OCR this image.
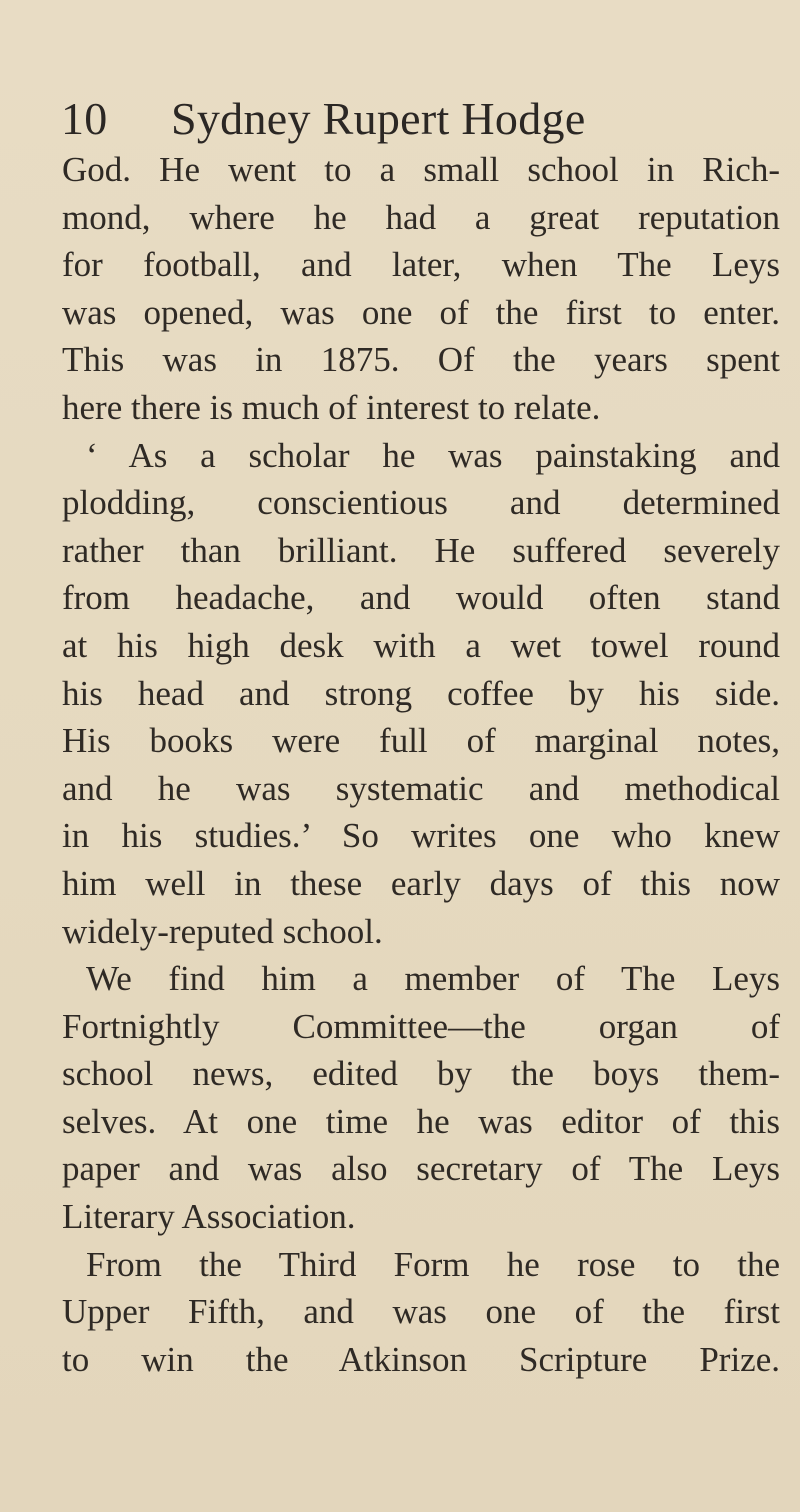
10 Sydney Rupert Hodge
God. He went to a small school in Rich-
mond, where he had a great reputation
for football, and later, when The Leys
was opened, was one of the first to enter.
This was in 1875. Of the years spent
here there is much of interest to relate.
‘ As a scholar he was painstaking and
plodding, conscientious and determined
rather than brilliant. He suffered severely
from headache, and would often stand
at his high desk with a wet towel round
his head and strong coffee by his side.
His books were full of marginal notes,
and he was systematic and methodical
in his studies.’ So writes one who knew
him well in these early days of this now
widely-reputed school.
We find him a member of The Leys
Fortnightly Committee—the organ of
school news, edited by the boys them-
selves. At one time he was editor of this
paper and was also secretary of The Leys
Literary Association.
From the Third Form he rose to the
Upper Fifth, and was one of the first
to win the Atkinson Scripture Prize.
